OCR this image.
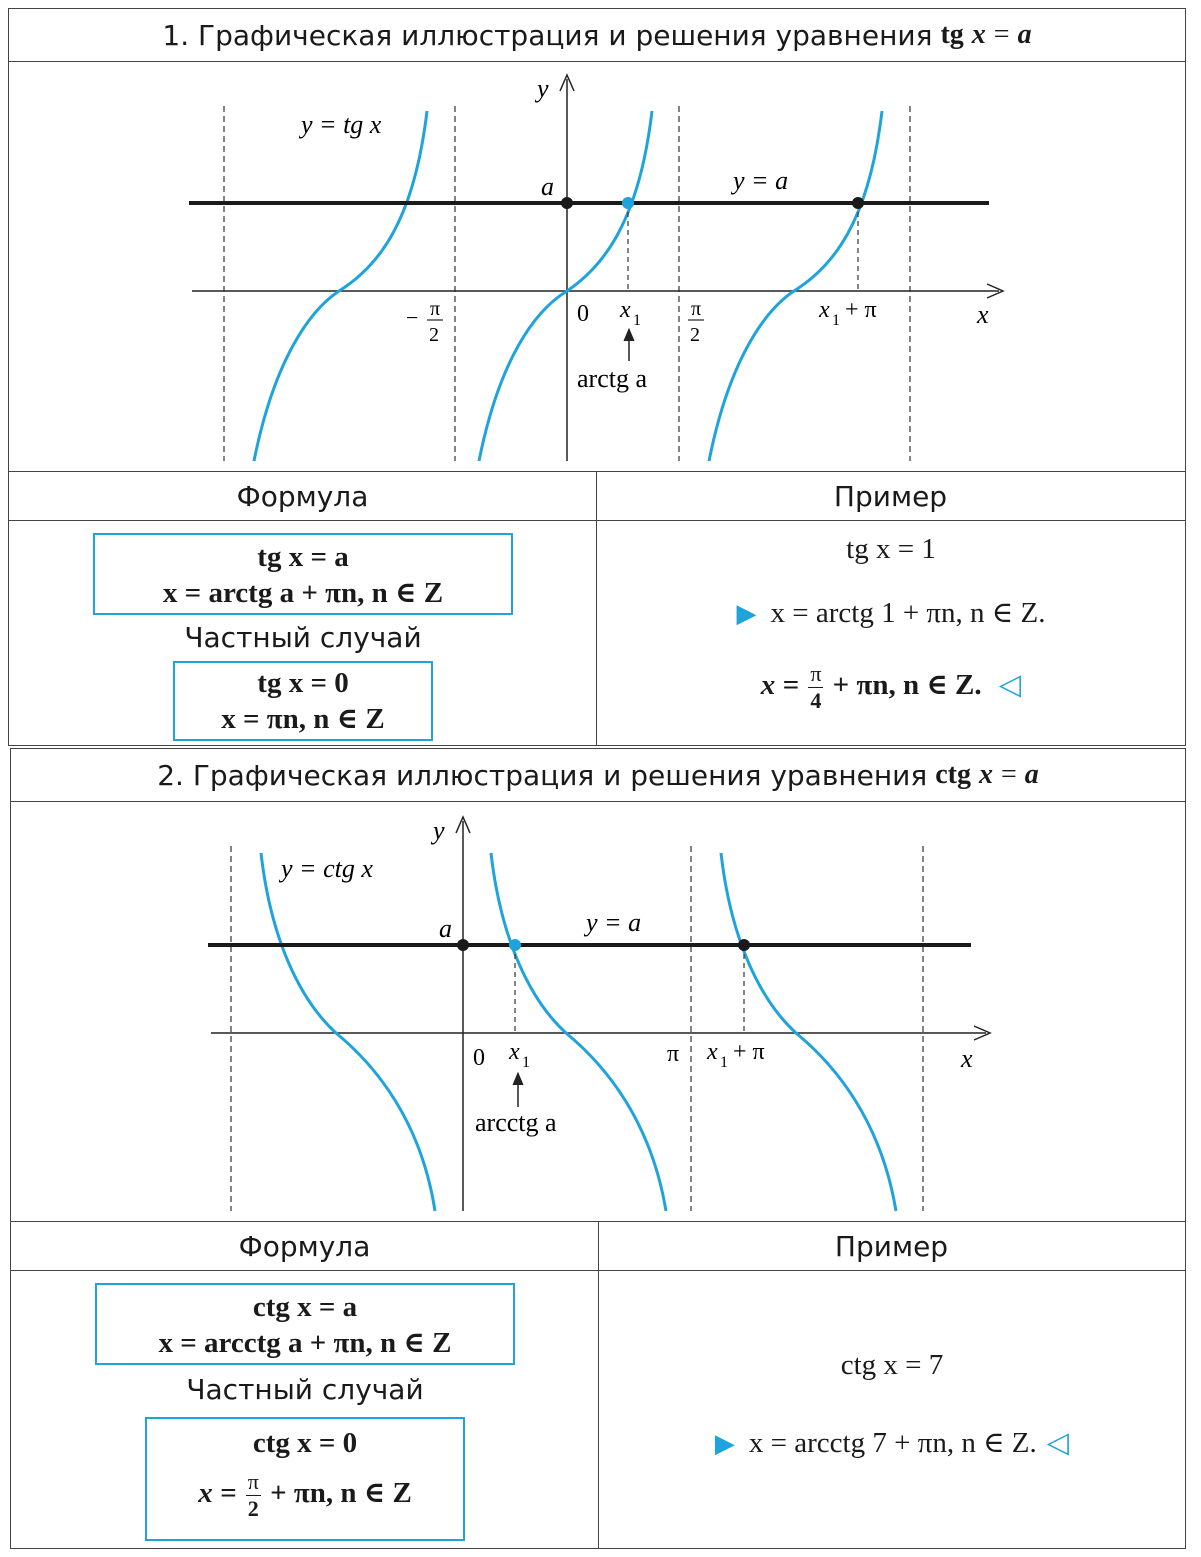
1. Графическая иллюстрация и решения уравнения tg x = a
y = tg x
y = a
y
x
a
0
− π
2
π
2
x 1	x 1 + π
arctg a
Формула	Пример
tg x = a
x = arctg a + πn, n ∈ Z
Частный случай
tg x = 0
x = πn, n ∈ Z
tg x = 1
▶ x = arctg 1 + πn, n ∈ Z.
$x = \frac{\pi}{4} + \pi n$, n ∈ Z. ◁
2. Графическая иллюстрация и решения уравнения ctg x = a
y = ctg x
y = a
y
x
a
0 x 1	π x 1 + π
arcctg a
Формула	Пример
ctg x = a
x = arcctg a + πn, n ∈ Z
Частный случай
ctg x = 0
$x = \frac{\pi}{2} + \pi n$, n ∈ Z
ctg x = 7
▶ x = arcctg 7 + πn, n ∈ Z. ◁
